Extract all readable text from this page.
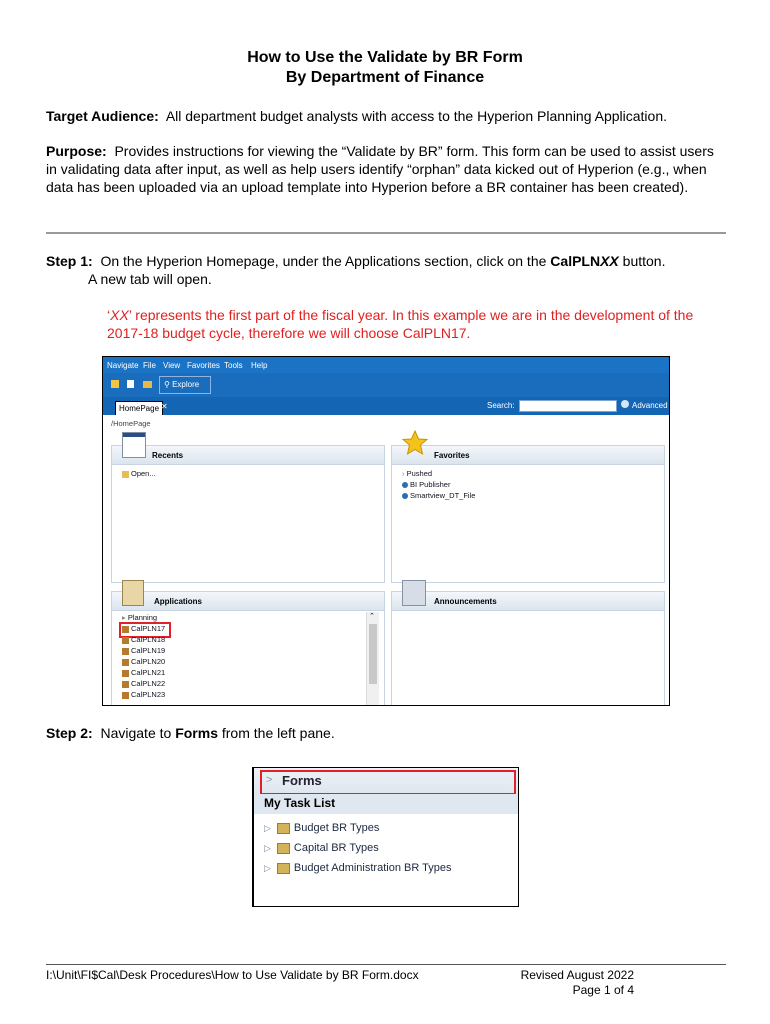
How to Use the Validate by BR Form
By Department of Finance
Target Audience: All department budget analysts with access to the Hyperion Planning Application.
Purpose: Provides instructions for viewing the “Validate by BR” form. This form can be used to assist users in validating data after input, as well as help users identify “orphan” data kicked out of Hyperion (e.g., when data has been uploaded via an upload template into Hyperion before a BR container has been created).
Step 1: On the Hyperion Homepage, under the Applications section, click on the CalPLNXX button.
A new tab will open.
‘XX’ represents the first part of the fiscal year. In this example we are in the development of the 2017-18 budget cycle, therefore we will choose CalPLN17.
Navigate File View Favorites Tools Help
⚲ Explore
Search:	Advanced
HomePage ✕
/HomePage
Recents
Open...
Favorites
› Pushed
BI Publisher
Smartview_DT_File
Applications
▸ Planning
CalPLN17
CalPLN18
CalPLN19
CalPLN20
CalPLN21
CalPLN22
CalPLN23
⌃
Announcements
Step 2: Navigate to Forms from the left pane.
> Forms
My Task List
▷ Budget BR Types
▷ Capital BR Types
▷ Budget Administration BR Types
I:\Unit\FI$Cal\Desk Procedures\How to Use Validate by BR Form.docx	Revised August 2022
Page 1 of 4
